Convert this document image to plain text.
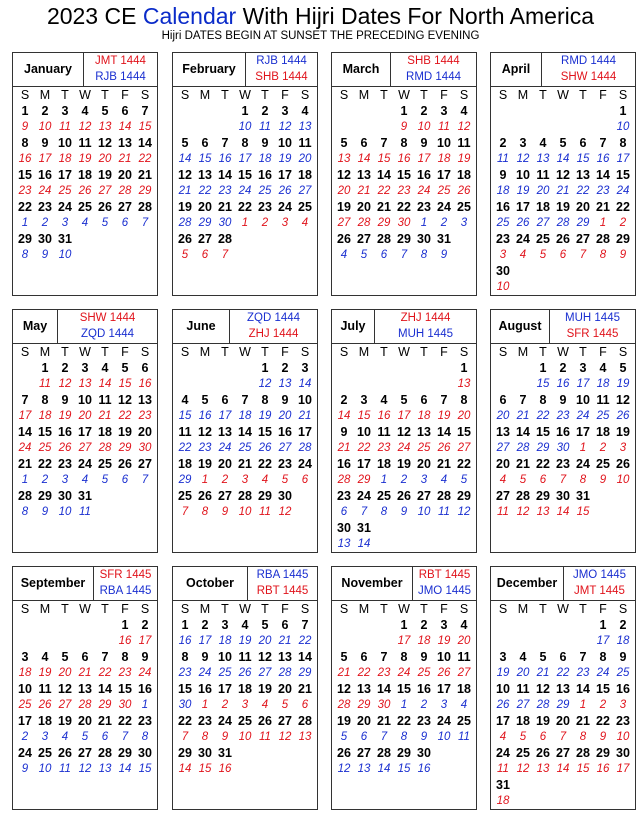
2023 CE Calendar With Hijri Dates For North America
Hijri DATES BEGIN AT SUNSET THE PRECEDING EVENING
January
JMT 1444
RJB 1444
S M T W T F S
1
9
2
10
3
11
4
12
5
13
6
14
7
15
8
16
9
17
10
18
11
19
12
20
13
21
14
22
15
23
16
24
17
25
18
26
19
27
20
28
21
29
22
1
23
2
24
3
25
4
26
5
27
6
28
7
29
8
30
9
31
10
February
RJB 1444
SHB 1444
S M T W T F S
1
10
2
11
3
12
4
13
5
14
6
15
7
16
8
17
9
18
10
19
11
20
12
21
13
22
14
23
15
24
16
25
17
26
18
27
19
28
20
29
21
30
22
1
23
2
24
3
25
4
26
5
27
6
28
7
March
SHB 1444
RMD 1444
S M T W T F S
1
9
2
10
3
11
4
12
5
13
6
14
7
15
8
16
9
17
10
18
11
19
12
20
13
21
14
22
15
23
16
24
17
25
18
26
19
27
20
28
21
29
22
30
23
1
24
2
25
3
26
4
27
5
28
6
29
7
30
8
31
9
April
RMD 1444
SHW 1444
S M T W T F S
1
10
2
11
3
12
4
13
5
14
6
15
7
16
8
17
9
18
10
19
11
20
12
21
13
22
14
23
15
24
16
25
17
26
18
27
19
28
20
29
21
1
22
2
23
3
24
4
25
5
26
6
27
7
28
8
29
9
30
10
May
SHW 1444
ZQD 1444
S M T W T F S
1
11
2
12
3
13
4
14
5
15
6
16
7
17
8
18
9
19
10
20
11
21
12
22
13
23
14
24
15
25
16
26
17
27
18
28
19
29
20
30
21
1
22
2
23
3
24
4
25
5
26
6
27
7
28
8
29
9
30
10
31
11
June
ZQD 1444
ZHJ 1444
S M T W T F S
1
12
2
13
3
14
4
15
5
16
6
17
7
18
8
19
9
20
10
21
11
22
12
23
13
24
14
25
15
26
16
27
17
28
18
29
19
1
20
2
21
3
22
4
23
5
24
6
25
7
26
8
27
9
28
10
29
11
30
12
July
ZHJ 1444
MUH 1445
S M T W T F S
1
13
2
14
3
15
4
16
5
17
6
18
7
19
8
20
9
21
10
22
11
23
12
24
13
25
14
26
15
27
16
28
17
29
18
1
19
2
20
3
21
4
22
5
23
6
24
7
25
8
26
9
27
10
28
11
29
12
30
13
31
14
August
MUH 1445
SFR 1445
S M T W T F S
1
15
2
16
3
17
4
18
5
19
6
20
7
21
8
22
9
23
10
24
11
25
12
26
13
27
14
28
15
29
16
30
17
1
18
2
19
3
20
4
21
5
22
6
23
7
24
8
25
9
26
10
27
11
28
12
29
13
30
14
31
15
September
SFR 1445
RBA 1445
S M T W T F S
1
16
2
17
3
18
4
19
5
20
6
21
7
22
8
23
9
24
10
25
11
26
12
27
13
28
14
29
15
30
16
1
17
2
18
3
19
4
20
5
21
6
22
7
23
8
24
9
25
10
26
11
27
12
28
13
29
14
30
15
October
RBA 1445
RBT 1445
S M T W T F S
1
16
2
17
3
18
4
19
5
20
6
21
7
22
8
23
9
24
10
25
11
26
12
27
13
28
14
29
15
30
16
1
17
2
18
3
19
4
20
5
21
6
22
7
23
8
24
9
25
10
26
11
27
12
28
13
29
14
30
15
31
16
November
RBT 1445
JMO 1445
S M T W T F S
1
17
2
18
3
19
4
20
5
21
6
22
7
23
8
24
9
25
10
26
11
27
12
28
13
29
14
30
15
1
16
2
17
3
18
4
19
5
20
6
21
7
22
8
23
9
24
10
25
11
26
12
27
13
28
14
29
15
30
16
December
JMO 1445
JMT 1445
S M T W T F S
1
17
2
18
3
19
4
20
5
21
6
22
7
23
8
24
9
25
10
26
11
27
12
28
13
29
14
1
15
2
16
3
17
4
18
5
19
6
20
7
21
8
22
9
23
10
24
11
25
12
26
13
27
14
28
15
29
16
30
17
31
18
